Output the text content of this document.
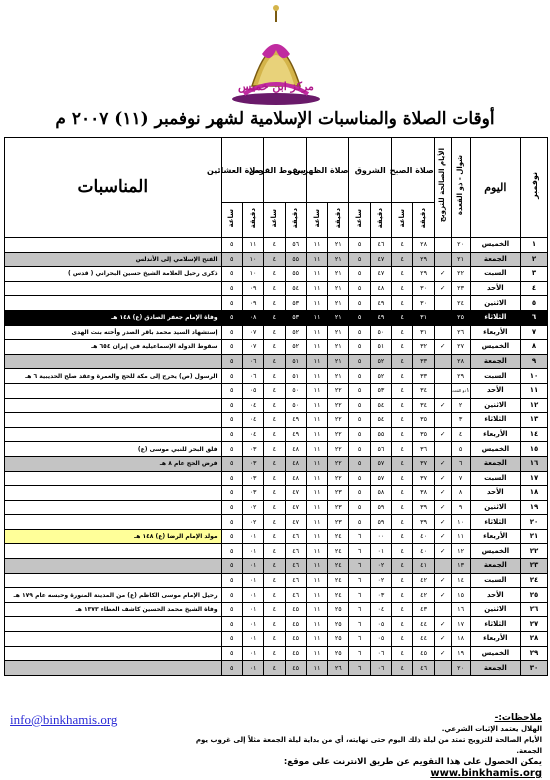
مركز ابن خميس
أوقات الصلاة والمناسبات الإسلامية لشهر نوفمبر (١١) ٢٠٠٧ م
نوفمبر	اليوم	شوال - ذو القعدة	الأيام الصالحة للتزويج	صلاة الصبح		الشروق		صلاة الظهرين		سقوط القرص		صلاة العشائين		المناسبات
				دقيقة	ساعة	دقيقة	ساعة	دقيقة	ساعة	دقيقة	ساعة	دقيقة	ساعة	
١	الخميس	٢٠		٢٨	٤	٤٦	٥	٢١	١١	٥٦	٤	١١	٥	
٢	الجمعة	٢١		٢٩	٤	٤٧	٥	٢١	١١	٥٥	٤	١٠	٥	الفتح الإسلامي إلى الأندلس
٣	السبت	٢٢	✓	٢٩	٤	٤٧	٥	٢١	١١	٥٥	٤	١٠	٥	ذكرى رحيل العلامة الشيخ حسين البحراني ( قدس )
٤	الأحد	٢٣	✓	٣٠	٤	٤٨	٥	٢١	١١	٥٤	٤	٠٩	٥	
٥	الاثنين	٢٤		٣٠	٤	٤٩	٥	٢١	١١	٥٣	٤	٠٩	٥	
٦	الثلاثاء	٢٥		٣١	٤	٤٩	٥	٢١	١١	٥٣	٤	٠٨	٥	وفاة الإمام جعفر الصادق (ع) ١٤٨ هـ
٧	الأربعاء	٢٦		٣١	٤	٥٠	٥	٢١	١١	٥٢	٤	٠٧	٥	إستشهاد السيد محمد باقر الصدر وأخته بنت الهدى
٨	الخميس	٢٧	✓	٣٢	٤	٥١	٥	٢١	١١	٥٢	٤	٠٧	٥	سقوط الدولة الإسماعيلية في إيران ٦٥٤ هـ
٩	الجمعة	٢٨		٣٣	٤	٥٢	٥	٢١	١١	٥١	٤	٠٦	٥	
١٠	السبت	٢٩		٣٣	٤	٥٢	٥	٢١	١١	٥١	٤	٠٦	٥	الرسول (ص) يخرج إلى مكة للحج والعمرة وعقد صلح الحديبية ٦ هـ
١١	الأحد	١ذو القعدة		٣٤	٤	٥٣	٥	٢٢	١١	٥٠	٤	٠٥	٥	
١٢	الاثنين	٢	✓	٣٤	٤	٥٤	٥	٢٢	١١	٥٠	٤	٠٤	٥	
١٣	الثلاثاء	٣		٣٥	٤	٥٤	٥	٢٢	١١	٤٩	٤	٠٤	٥	
١٤	الأربعاء	٤	✓	٣٥	٤	٥٥	٥	٢٢	١١	٤٩	٤	٠٤	٥	
١٥	الخميس	٥		٣٦	٤	٥٦	٥	٢٢	١١	٤٨	٤	٠٣	٥	فلق البحر للنبي موسى (ع)
١٦	الجمعة	٦	✓	٣٧	٤	٥٧	٥	٢٢	١١	٤٨	٤	٠٣	٥	فرض الحج عام ٨ هـ
١٧	السبت	٧	✓	٣٧	٤	٥٧	٥	٢٢	١١	٤٨	٤	٠٣	٥	
١٨	الأحد	٨	✓	٣٨	٤	٥٨	٥	٢٣	١١	٤٧	٤	٠٣	٥	
١٩	الاثنين	٩	✓	٣٩	٤	٥٩	٥	٢٣	١١	٤٧	٤	٠٢	٥	
٢٠	الثلاثاء	١٠	✓	٣٩	٤	٥٩	٥	٢٣	١١	٤٧	٤	٠٢	٥	
٢١	الأربعاء	١١	✓	٤٠	٤	٠٠	٦	٢٤	١١	٤٦	٤	٠١	٥	مولد الإمام الرضا (ع) ١٤٨ هـ
٢٢	الخميس	١٢	✓	٤٠	٤	٠١	٦	٢٤	١١	٤٦	٤	٠١	٥	
٢٣	الجمعة	١٣		٤١	٤	٠٢	٦	٢٤	١١	٤٦	٤	٠١	٥	
٢٤	السبت	١٤	✓	٤٢	٤	٠٢	٦	٢٤	١١	٤٦	٤	٠١	٥	
٢٥	الأحد	١٥	✓	٤٢	٤	٠٣	٦	٢٤	١١	٤٦	٤	٠١	٥	رحيل الإمام موسى الكاظم (ع) من المدينة المنورة وحبسه عام ١٧٩ هـ
٢٦	الاثنين	١٦		٤٣	٤	٠٤	٦	٢٥	١١	٤٥	٤	٠١	٥	وفاة الشيخ محمد الحسين كاشف الغطاء ١٣٧٣ هـ
٢٧	الثلاثاء	١٧	✓	٤٤	٤	٠٥	٦	٢٥	١١	٤٥	٤	٠١	٥	
٢٨	الأربعاء	١٨	✓	٤٤	٤	٠٥	٦	٢٥	١١	٤٥	٤	٠١	٥	
٢٩	الخميس	١٩	✓	٤٥	٤	٠٦	٦	٢٥	١١	٤٥	٤	٠١	٥	
٣٠	الجمعة	٢٠		٤٦	٤	٠٦	٦	٢٦	١١	٤٥	٤	٠١	٥	
ملاحظات:-
الهلال يعتمد الإثبات الشرعي.
الأيام الصالحة للتزويج تمتد من ليلة ذلك اليوم حتى نهايته، أي من بداية ليلة الجمعة مثلاً إلى غروب يوم الجمعة.
يمكن الحصول على هذا التقويم عن طريق الانترنت على موقع: www.binkhamis.org
info@binkhamis.org
